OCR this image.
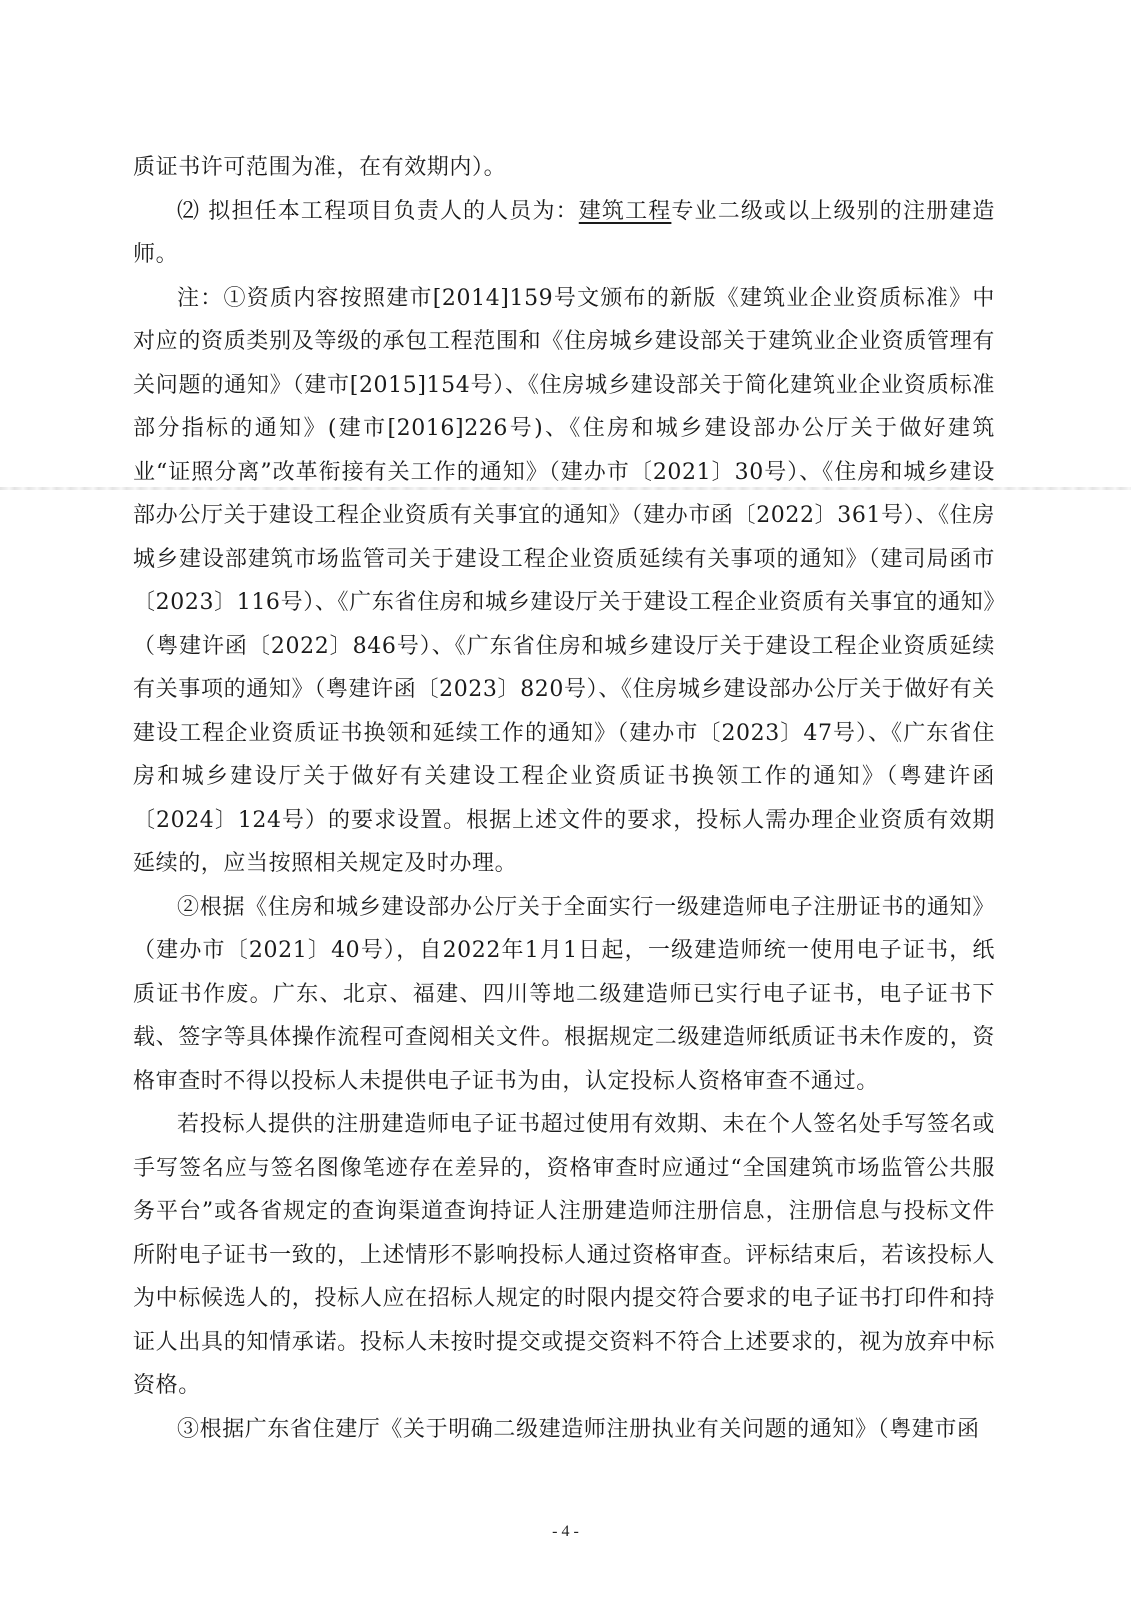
质证书许可范围为准，在有效期内）。

⑵ 拟担任本工程项目负责人的人员为：建筑工程专业二级或以上级别的注册建造师。

注：①资质内容按照建市[2014]159号文颁布的新版《建筑业企业资质标准》中对应的资质类别及等级的承包工程范围和《住房城乡建设部关于建筑业企业资质管理有关问题的通知》（建市[2015]154号）、《住房城乡建设部关于简化建筑业企业资质标准部分指标的通知》(建市[2016]226号)、《住房和城乡建设部办公厅关于做好建筑业“证照分离”改革衔接有关工作的通知》（建办市〔2021〕30号）、《住房和城乡建设部办公厅关于建设工程企业资质有关事宜的通知》（建办市函〔2022〕361号）、《住房城乡建设部建筑市场监管司关于建设工程企业资质延续有关事项的通知》（建司局函市〔2023〕116号）、《广东省住房和城乡建设厅关于建设工程企业资质有关事宜的通知》（粤建许函〔2022〕846号）、《广东省住房和城乡建设厅关于建设工程企业资质延续有关事项的通知》（粤建许函〔2023〕820号）、《住房城乡建设部办公厅关于做好有关建设工程企业资质证书换领和延续工作的通知》（建办市〔2023〕47号）、《广东省住房和城乡建设厅关于做好有关建设工程企业资质证书换领工作的通知》（粤建许函〔2024〕124号）的要求设置。根据上述文件的要求，投标人需办理企业资质有效期延续的，应当按照相关规定及时办理。

②根据《住房和城乡建设部办公厅关于全面实行一级建造师电子注册证书的通知》（建办市〔2021〕40号），自2022年1月1日起，一级建造师统一使用电子证书，纸质证书作废。广东、北京、福建、四川等地二级建造师已实行电子证书，电子证书下载、签字等具体操作流程可查阅相关文件。根据规定二级建造师纸质证书未作废的，资格审查时不得以投标人未提供电子证书为由，认定投标人资格审查不通过。

若投标人提供的注册建造师电子证书超过使用有效期、未在个人签名处手写签名或手写签名应与签名图像笔迹存在差异的，资格审查时应通过“全国建筑市场监管公共服务平台”或各省规定的查询渠道查询持证人注册建造师注册信息，注册信息与投标文件所附电子证书一致的，上述情形不影响投标人通过资格审查。评标结束后，若该投标人为中标候选人的，投标人应在招标人规定的时限内提交符合要求的电子证书打印件和持证人出具的知情承诺。投标人未按时提交或提交资料不符合上述要求的，视为放弃中标资格。

③根据广东省住建厅《关于明确二级建造师注册执业有关问题的通知》（粤建市函

- 4 -
